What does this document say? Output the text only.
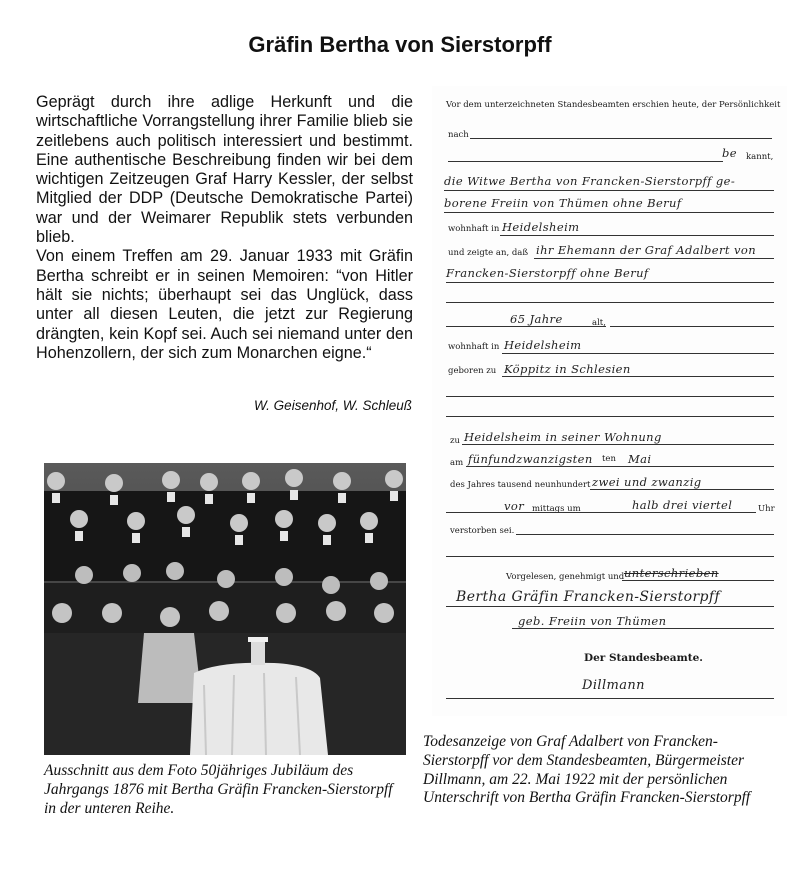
Gräfin Bertha von Sierstorpff

Geprägt durch ihre adlige Herkunft und die wirtschaftliche Vorrangstellung ihrer Familie blieb sie zeitlebens auch politisch interessiert und bestimmt. Eine authentische Beschreibung finden wir bei dem wichtigen Zeitzeugen Graf Harry Kessler, der selbst Mitglied der DDP (Deutsche Demokratische Partei) war und der Weimarer Republik stets verbunden blieb.

Von einem Treffen am 29. Januar 1933 mit Gräfin Bertha schreibt er in seinen Memoiren: “von Hitler hält sie nichts; überhaupt sei das Unglück, dass unter all diesen Leuten, die jetzt zur Regierung drängten, kein Kopf sei. Auch sei niemand unter den Hohenzollern, der sich zum Monarchen eigne.“

W. Geisenhof, W. Schleuß
Vor dem unterzeichneten Standesbeamten erschien heute, der Persönlichkeit
nach
be kannt,
die Witwe Bertha von Francken-Sierstorpff ge-
borene Freiin von Thümen ohne Beruf
wohnhaft in Heidelsheim
und zeigte an, daß ihr Ehemann der Graf Adalbert von
Francken-Sierstorpff ohne Beruf
65 Jahre	alt,
wohnhaft in Heidelsheim
geboren zu Köppitz in Schlesien
zu Heidelsheim in seiner Wohnung
am fünfundzwanzigsten ten Mai
des Jahres tausend neunhundert zwei und zwanzig
vor mittags um	halb drei viertel	Uhr
verstorben sei.
Vorgelesen, genehmigt und unterschrieben
Bertha Gräfin Francken-Sierstorpff
geb. Freiin von Thümen
Der Standesbeamte.
Dillmann
Ausschnitt aus dem Foto 50jähriges Jubiläum des Jahrgangs 1876 mit Bertha Gräfin Francken-Sierstorpff in der unteren Reihe.
Todesanzeige von Graf Adalbert von Francken-Sierstorpff vor dem Standesbeamten, Bürgermeister Dillmann, am 22. Mai 1922 mit der persönlichen Unterschrift von Bertha Gräfin Francken-Sierstorpff
